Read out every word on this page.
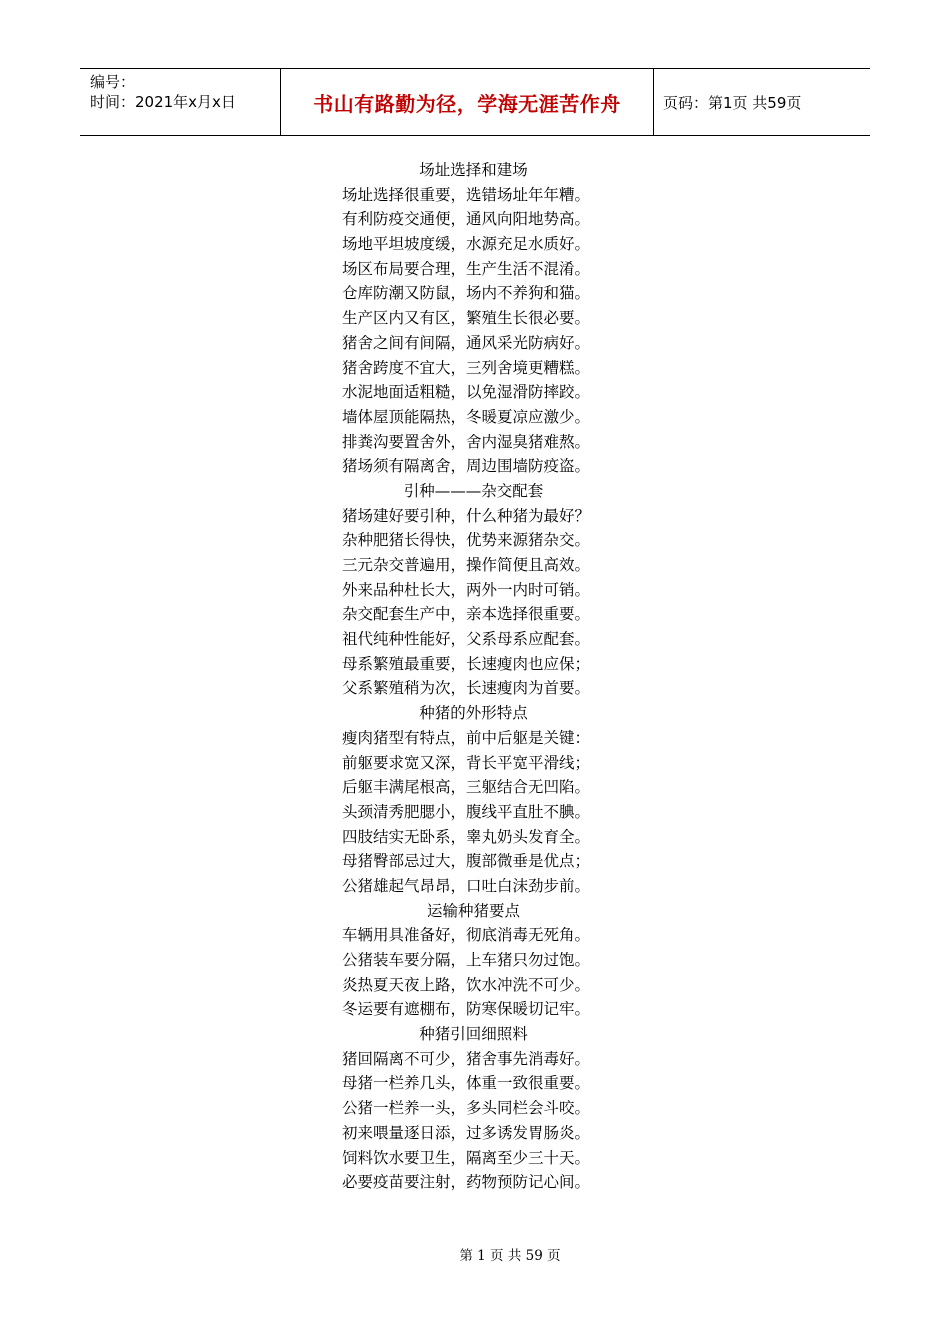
编号：
时间：2021年x月x日	书山有路勤为径，学海无涯苦作舟	页码：第1页 共59页
场址选择和建场
场址选择很重要，选错场址年年糟。
有利防疫交通便，通风向阳地势高。
场地平坦坡度缓，水源充足水质好。
场区布局要合理，生产生活不混淆。
仓库防潮又防鼠，场内不养狗和猫。
生产区内又有区，繁殖生长很必要。
猪舍之间有间隔，通风采光防病好。
猪舍跨度不宜大，三列舍境更糟糕。
水泥地面适粗糙，以免湿滑防摔跤。
墙体屋顶能隔热，冬暖夏凉应激少。
排粪沟要置舍外，舍内湿臭猪难熬。
猪场须有隔离舍，周边围墙防疫盗。
引种———杂交配套
猪场建好要引种，什么种猪为最好？
杂种肥猪长得快，优势来源猪杂交。
三元杂交普遍用，操作简便且高效。
外来品种杜长大，两外一内时可销。
杂交配套生产中，亲本选择很重要。
祖代纯种性能好，父系母系应配套。
母系繁殖最重要，长速瘦肉也应保；
父系繁殖稍为次，长速瘦肉为首要。
种猪的外形特点
瘦肉猪型有特点，前中后躯是关键：
前躯要求宽又深，背长平宽平滑线；
后躯丰满尾根高，三躯结合无凹陷。
头颈清秀肥腮小，腹线平直肚不腆。
四肢结实无卧系，睾丸奶头发育全。
母猪臀部忌过大，腹部微垂是优点；
公猪雄起气昂昂，口吐白沫劲步前。
运输种猪要点
车辆用具准备好，彻底消毒无死角。
公猪装车要分隔，上车猪只勿过饱。
炎热夏天夜上路，饮水冲洗不可少。
冬运要有遮棚布，防寒保暖切记牢。
种猪引回细照料
猪回隔离不可少，猪舍事先消毒好。
母猪一栏养几头，体重一致很重要。
公猪一栏养一头，多头同栏会斗咬。
初来喂量逐日添，过多诱发胃肠炎。
饲料饮水要卫生，隔离至少三十天。
必要疫苗要注射，药物预防记心间。
第 1 页 共 59 页
